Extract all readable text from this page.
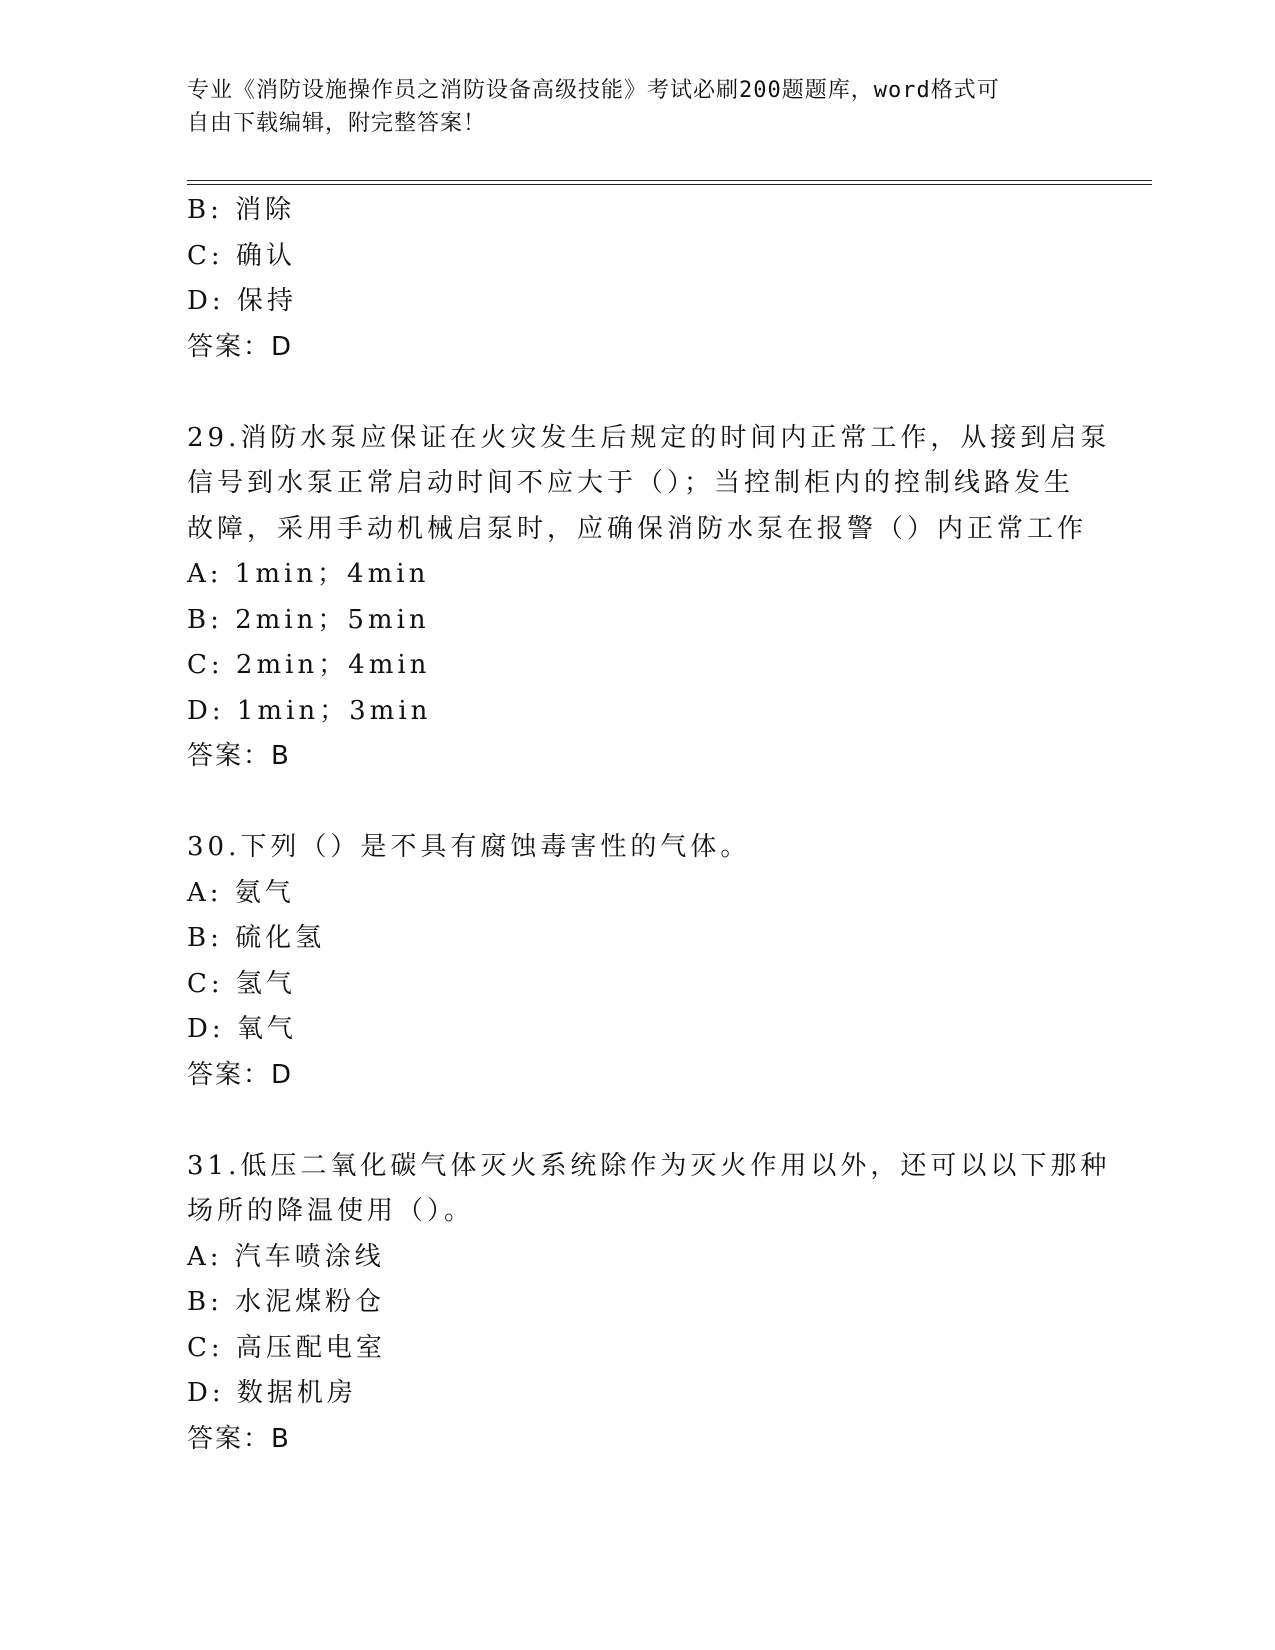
专业《消防设施操作员之消防设备高级技能》考试必刷200题题库，word格式可
自由下载编辑，附完整答案！
B: 消除
C: 确认
D: 保持
答案：D
29.消防水泵应保证在火灾发生后规定的时间内正常工作，从接到启泵
信号到水泵正常启动时间不应大于（）；当控制柜内的控制线路发生
故障，采用手动机械启泵时，应确保消防水泵在报警（）内正常工作
A: 1min；4min
B: 2min；5min
C: 2min；4min
D: 1min；3min
答案：B
30.下列（）是不具有腐蚀毒害性的气体。
A: 氨气
B: 硫化氢
C: 氢气
D: 氧气
答案：D
31.低压二氧化碳气体灭火系统除作为灭火作用以外，还可以以下那种
场所的降温使用（）。
A: 汽车喷涂线
B: 水泥煤粉仓
C: 高压配电室
D: 数据机房
答案：B
